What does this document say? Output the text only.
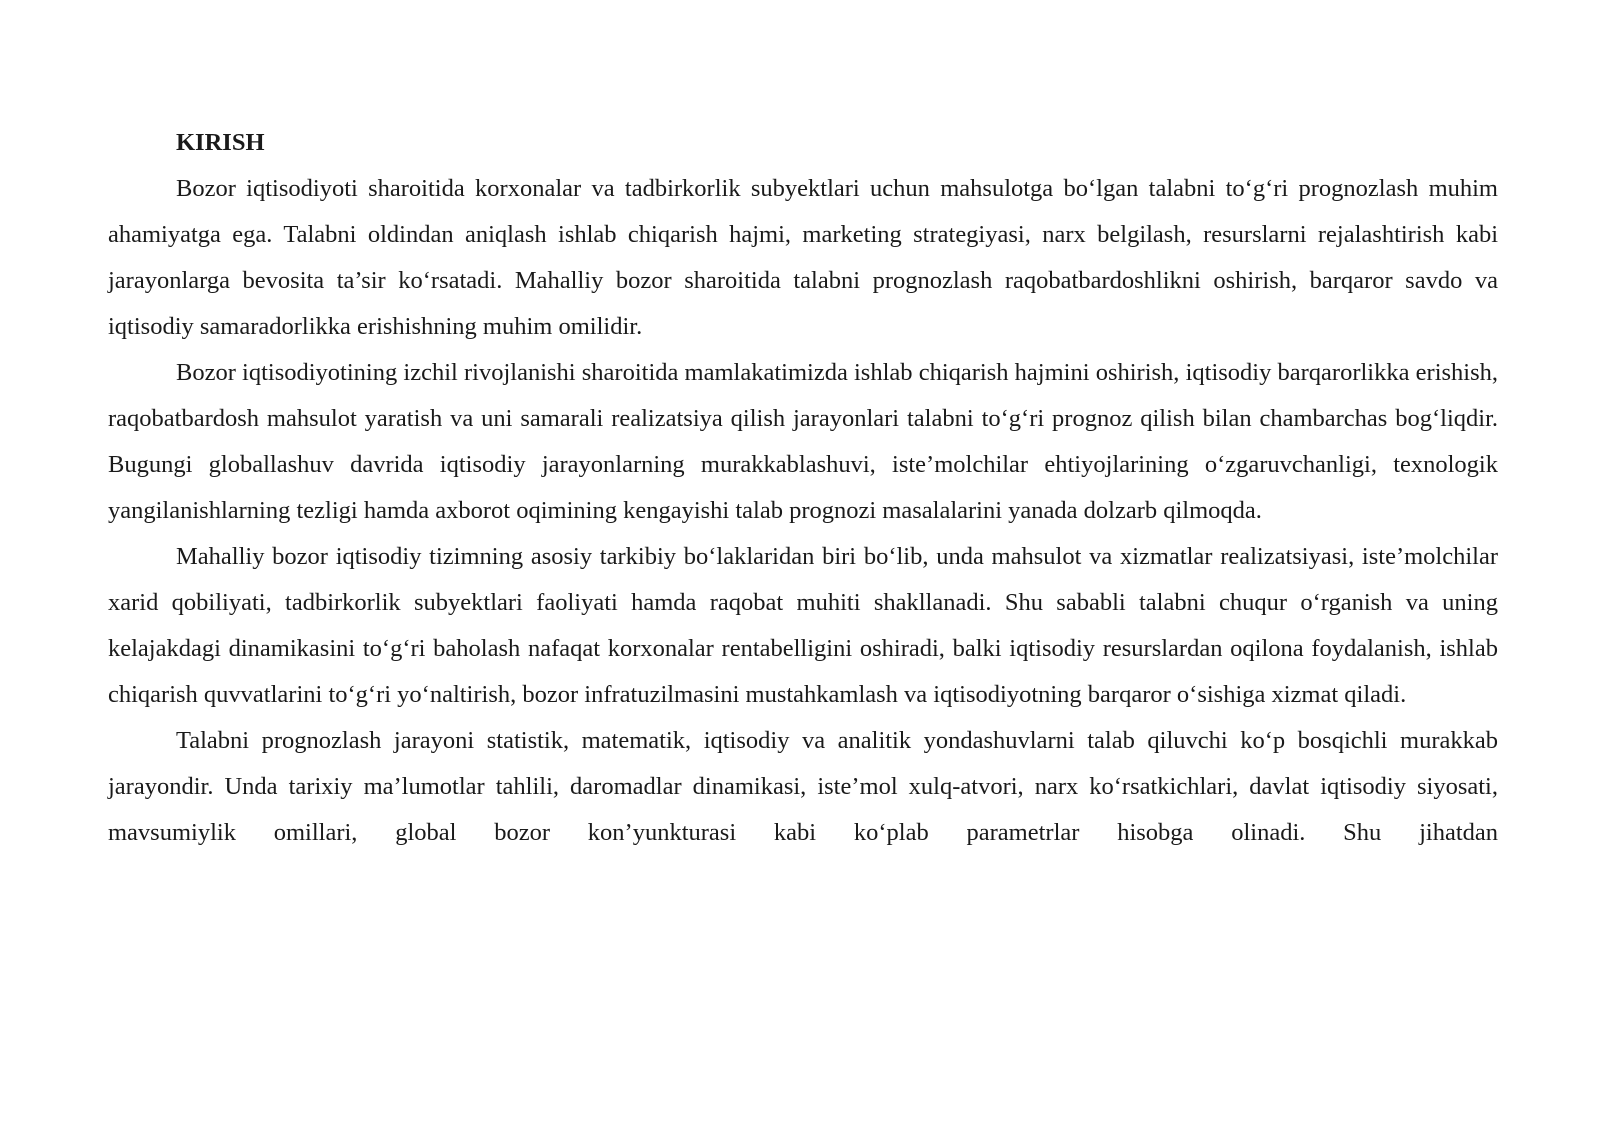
KIRISH

Bozor iqtisodiyoti sharoitida korxonalar va tadbirkorlik subyektlari uchun mahsulotga bo‘lgan talabni to‘g‘ri prognozlash muhim ahamiyatga ega. Talabni oldindan aniqlash ishlab chiqarish hajmi, marketing strategiyasi, narx belgilash, resurslarni rejalashtirish kabi jarayonlarga bevosita ta’sir ko‘rsatadi. Mahalliy bozor sharoitida talabni prognozlash raqobatbardoshlikni oshirish, barqaror savdo va iqtisodiy samaradorlikka erishishning muhim omilidir.

Bozor iqtisodiyotining izchil rivojlanishi sharoitida mamlakatimizda ishlab chiqarish hajmini oshirish, iqtisodiy barqarorlikka erishish, raqobatbardosh mahsulot yaratish va uni samarali realizatsiya qilish jarayonlari talabni to‘g‘ri prognoz qilish bilan chambarchas bog‘liqdir. Bugungi globallashuv davrida iqtisodiy jarayonlarning murakkablashuvi, iste’molchilar ehtiyojlarining o‘zgaruvchanligi, texnologik yangilanishlarning tezligi hamda axborot oqimining kengayishi talab prognozi masalalarini yanada dolzarb qilmoqda.

Mahalliy bozor iqtisodiy tizimning asosiy tarkibiy bo‘laklaridan biri bo‘lib, unda mahsulot va xizmatlar realizatsiyasi, iste’molchilar xarid qobiliyati, tadbirkorlik subyektlari faoliyati hamda raqobat muhiti shakllanadi. Shu sababli talabni chuqur o‘rganish va uning kelajakdagi dinamikasini to‘g‘ri baholash nafaqat korxonalar rentabelligini oshiradi, balki iqtisodiy resurslardan oqilona foydalanish, ishlab chiqarish quvvatlarini to‘g‘ri yo‘naltirish, bozor infratuzilmasini mustahkamlash va iqtisodiyotning barqaror o‘sishiga xizmat qiladi.

Talabni prognozlash jarayoni statistik, matematik, iqtisodiy va analitik yondashuvlarni talab qiluvchi ko‘p bosqichli murakkab jarayondir. Unda tarixiy ma’lumotlar tahlili, daromadlar dinamikasi, iste’mol xulq-atvori, narx ko‘rsatkichlari, davlat iqtisodiy siyosati, mavsumiylik omillari, global bozor kon’yunkturasi kabi ko‘plab parametrlar hisobga olinadi. Shu jihatdan
